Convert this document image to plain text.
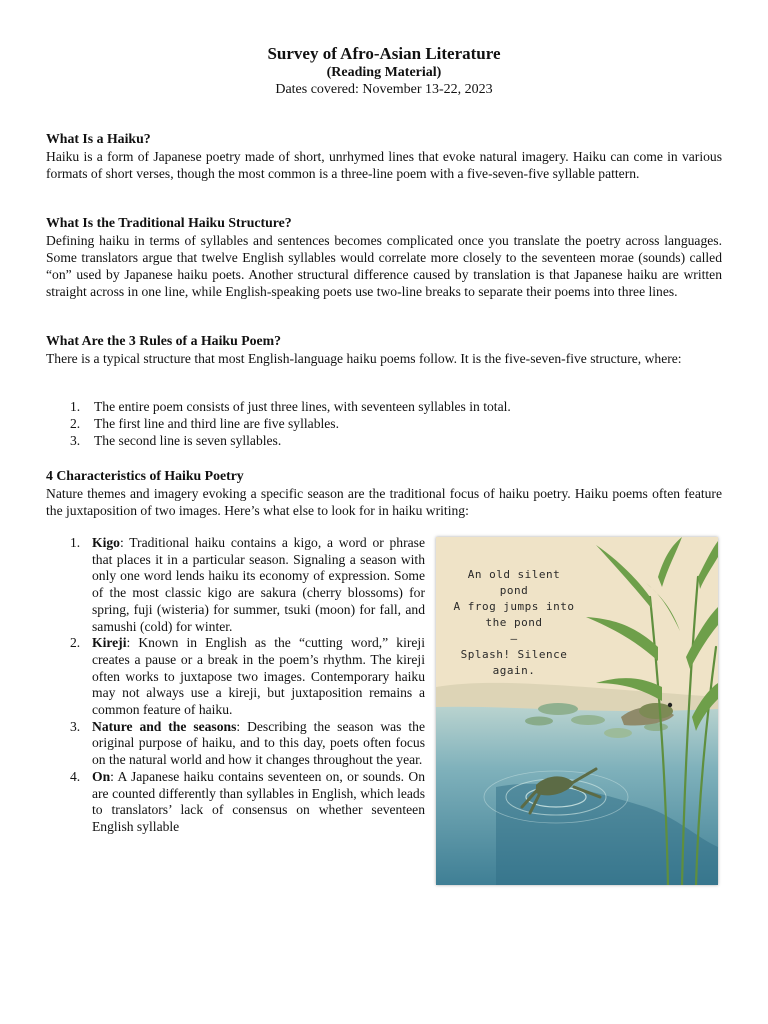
Survey of Afro-Asian Literature
(Reading Material)
Dates covered: November 13-22, 2023
What Is a Haiku?

Haiku is a form of Japanese poetry made of short, unrhymed lines that evoke natural imagery. Haiku can come in various formats of short verses, though the most common is a three-line poem with a five-seven-five syllable pattern.

What Is the Traditional Haiku Structure?

Defining haiku in terms of syllables and sentences becomes complicated once you translate the poetry across languages. Some translators argue that twelve English syllables would correlate more closely to the seventeen morae (sounds) called “on” used by Japanese haiku poets. Another structural difference caused by translation is that Japanese haiku are written straight across in one line, while English-speaking poets use two-line breaks to separate their poems into three lines.

What Are the 3 Rules of a Haiku Poem?

There is a typical structure that most English-language haiku poems follow. It is the five-seven-five structure, where:

1. The entire poem consists of just three lines, with seventeen syllables in total.
2. The first line and third line are five syllables.
3. The second line is seven syllables.
4 Characteristics of Haiku Poetry

Nature themes and imagery evoking a specific season are the traditional focus of haiku poetry. Haiku poems often feature the juxtaposition of two images. Here’s what else to look for in haiku writing:

1. Kigo: Traditional haiku contains a kigo, a word or phrase that places it in a particular season. Signaling a season with only one word lends haiku its economy of expression. Some of the most classic kigo are sakura (cherry blossoms) for spring, fuji (wisteria) for summer, tsuki (moon) for fall, and samushi (cold) for winter.
2. Kireji: Known in English as the “cutting word,” kireji creates a pause or a break in the poem’s rhythm. The kireji often works to juxtapose two images. Contemporary haiku may not always use a kireji, but juxtaposition remains a common feature of haiku.
3. Nature and the seasons: Describing the season was the original purpose of haiku, and to this day, poets often focus on the natural world and how it changes throughout the year.
4. On: A Japanese haiku contains seventeen on, or sounds. On are counted differently than syllables in English, which leads to translators’ lack of consensus on whether seventeen English syllable
An old silent
pond
A frog jumps into
the pond
—
Splash! Silence
again.
